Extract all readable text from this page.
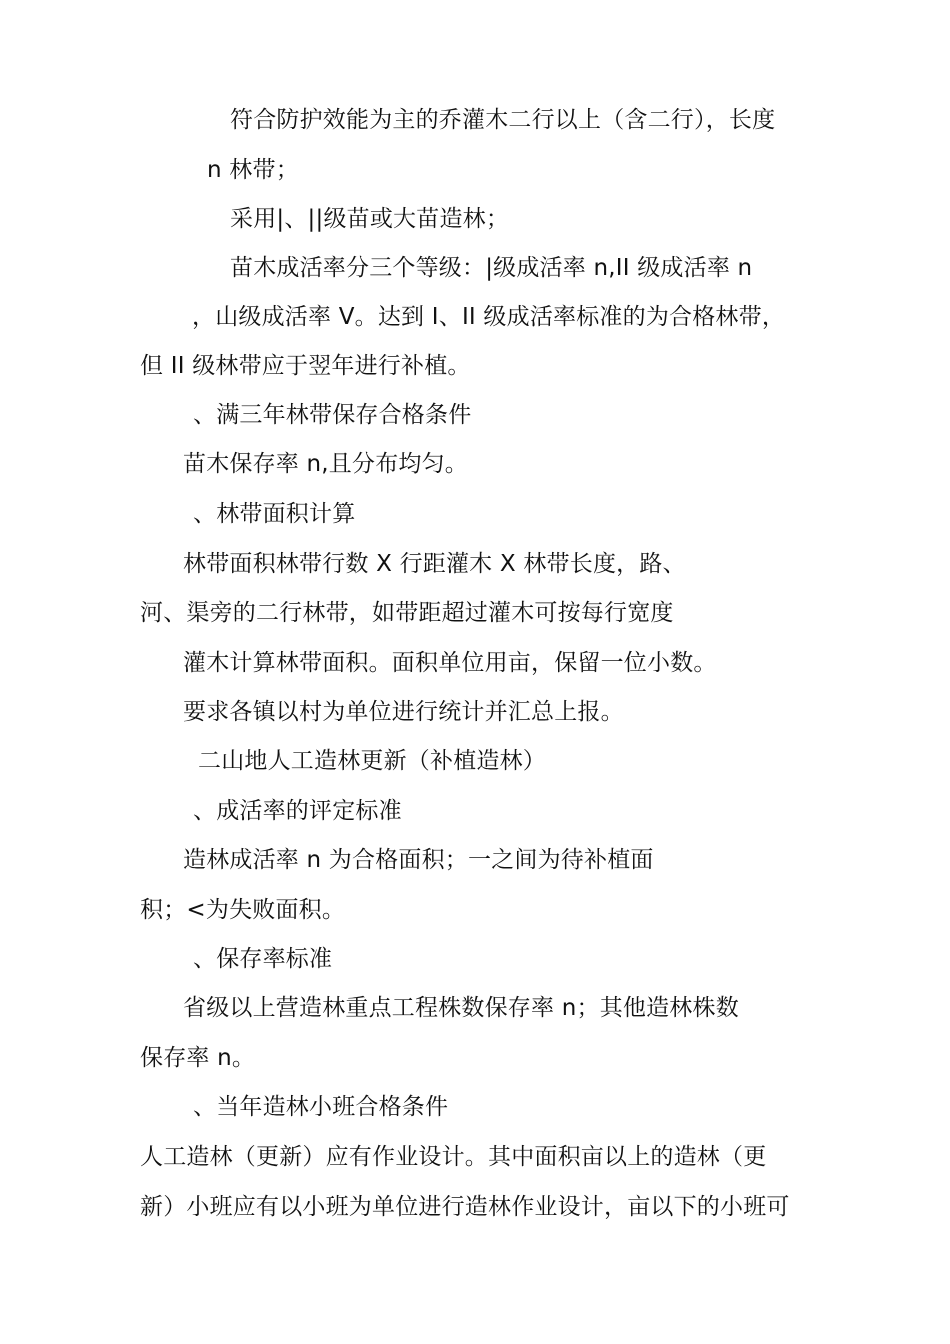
符合防护效能为主的乔灌木二行以上（含二行），长度
n 林带；
采用|、||级苗或大苗造林；
苗木成活率分三个等级：|级成活率 n,II 级成活率 n
，山级成活率 V。达到 I、II 级成活率标准的为合格林带，
但 II 级林带应于翌年进行补植。
、满三年林带保存合格条件
苗木保存率 n,且分布均匀。
、林带面积计算
林带面积林带行数 X 行距灌木 X 林带长度，路、
河、渠旁的二行林带，如带距超过灌木可按每行宽度
灌木计算林带面积。面积单位用亩，保留一位小数。
要求各镇以村为单位进行统计并汇总上报。
二山地人工造林更新（补植造林）
、成活率的评定标准
造林成活率 n 为合格面积；一之间为待补植面
积；<为失败面积。
、保存率标准
省级以上营造林重点工程株数保存率 n；其他造林株数
保存率 n。
、当年造林小班合格条件
人工造林（更新）应有作业设计。其中面积亩以上的造林（更
新）小班应有以小班为单位进行造林作业设计，亩以下的小班可
